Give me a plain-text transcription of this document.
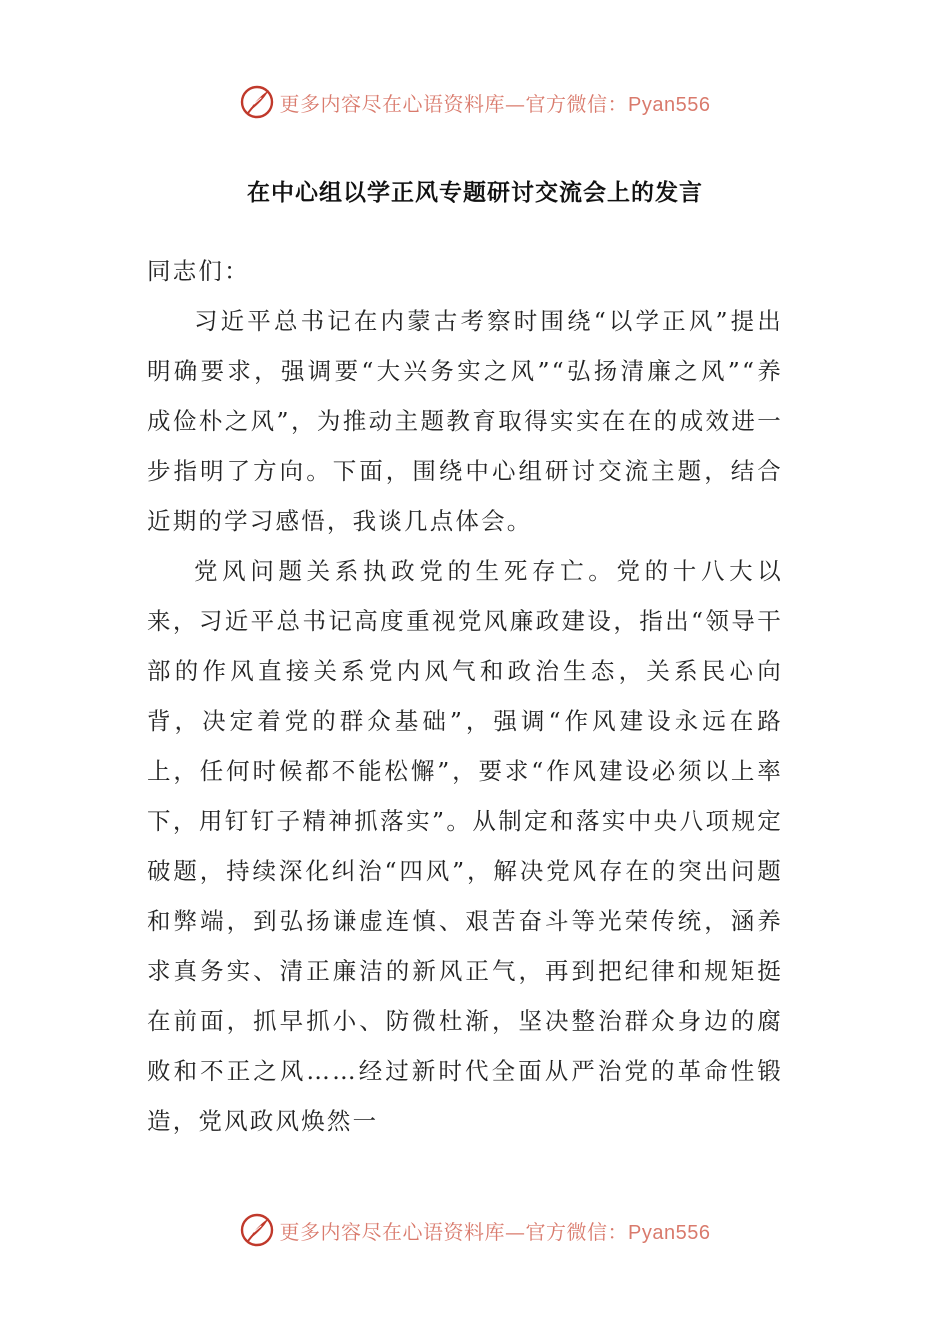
更多内容尽在心语资料库—官方微信：Pyan556
在中心组以学正风专题研讨交流会上的发言

同志们：

习近平总书记在内蒙古考察时围绕“以学正风”提出明确要求，强调要“大兴务实之风”“弘扬清廉之风”“养成俭朴之风”，为推动主题教育取得实实在在的成效进一步指明了方向。下面，围绕中心组研讨交流主题，结合近期的学习感悟，我谈几点体会。

党风问题关系执政党的生死存亡。党的十八大以来，习近平总书记高度重视党风廉政建设，指出“领导干部的作风直接关系党内风气和政治生态，关系民心向背，决定着党的群众基础”，强调“作风建设永远在路上，任何时候都不能松懈”，要求“作风建设必须以上率下，用钉钉子精神抓落实”。从制定和落实中央八项规定破题，持续深化纠治“四风”，解决党风存在的突出问题和弊端，到弘扬谦虚连慎、艰苦奋斗等光荣传统，涵养求真务实、清正廉洁的新风正气，再到把纪律和规矩挺在前面，抓早抓小、防微杜渐，坚决整治群众身边的腐败和不正之风……经过新时代全面从严治党的革命性锻造，党风政风焕然一

更多内容尽在心语资料库—官方微信：Pyan556
